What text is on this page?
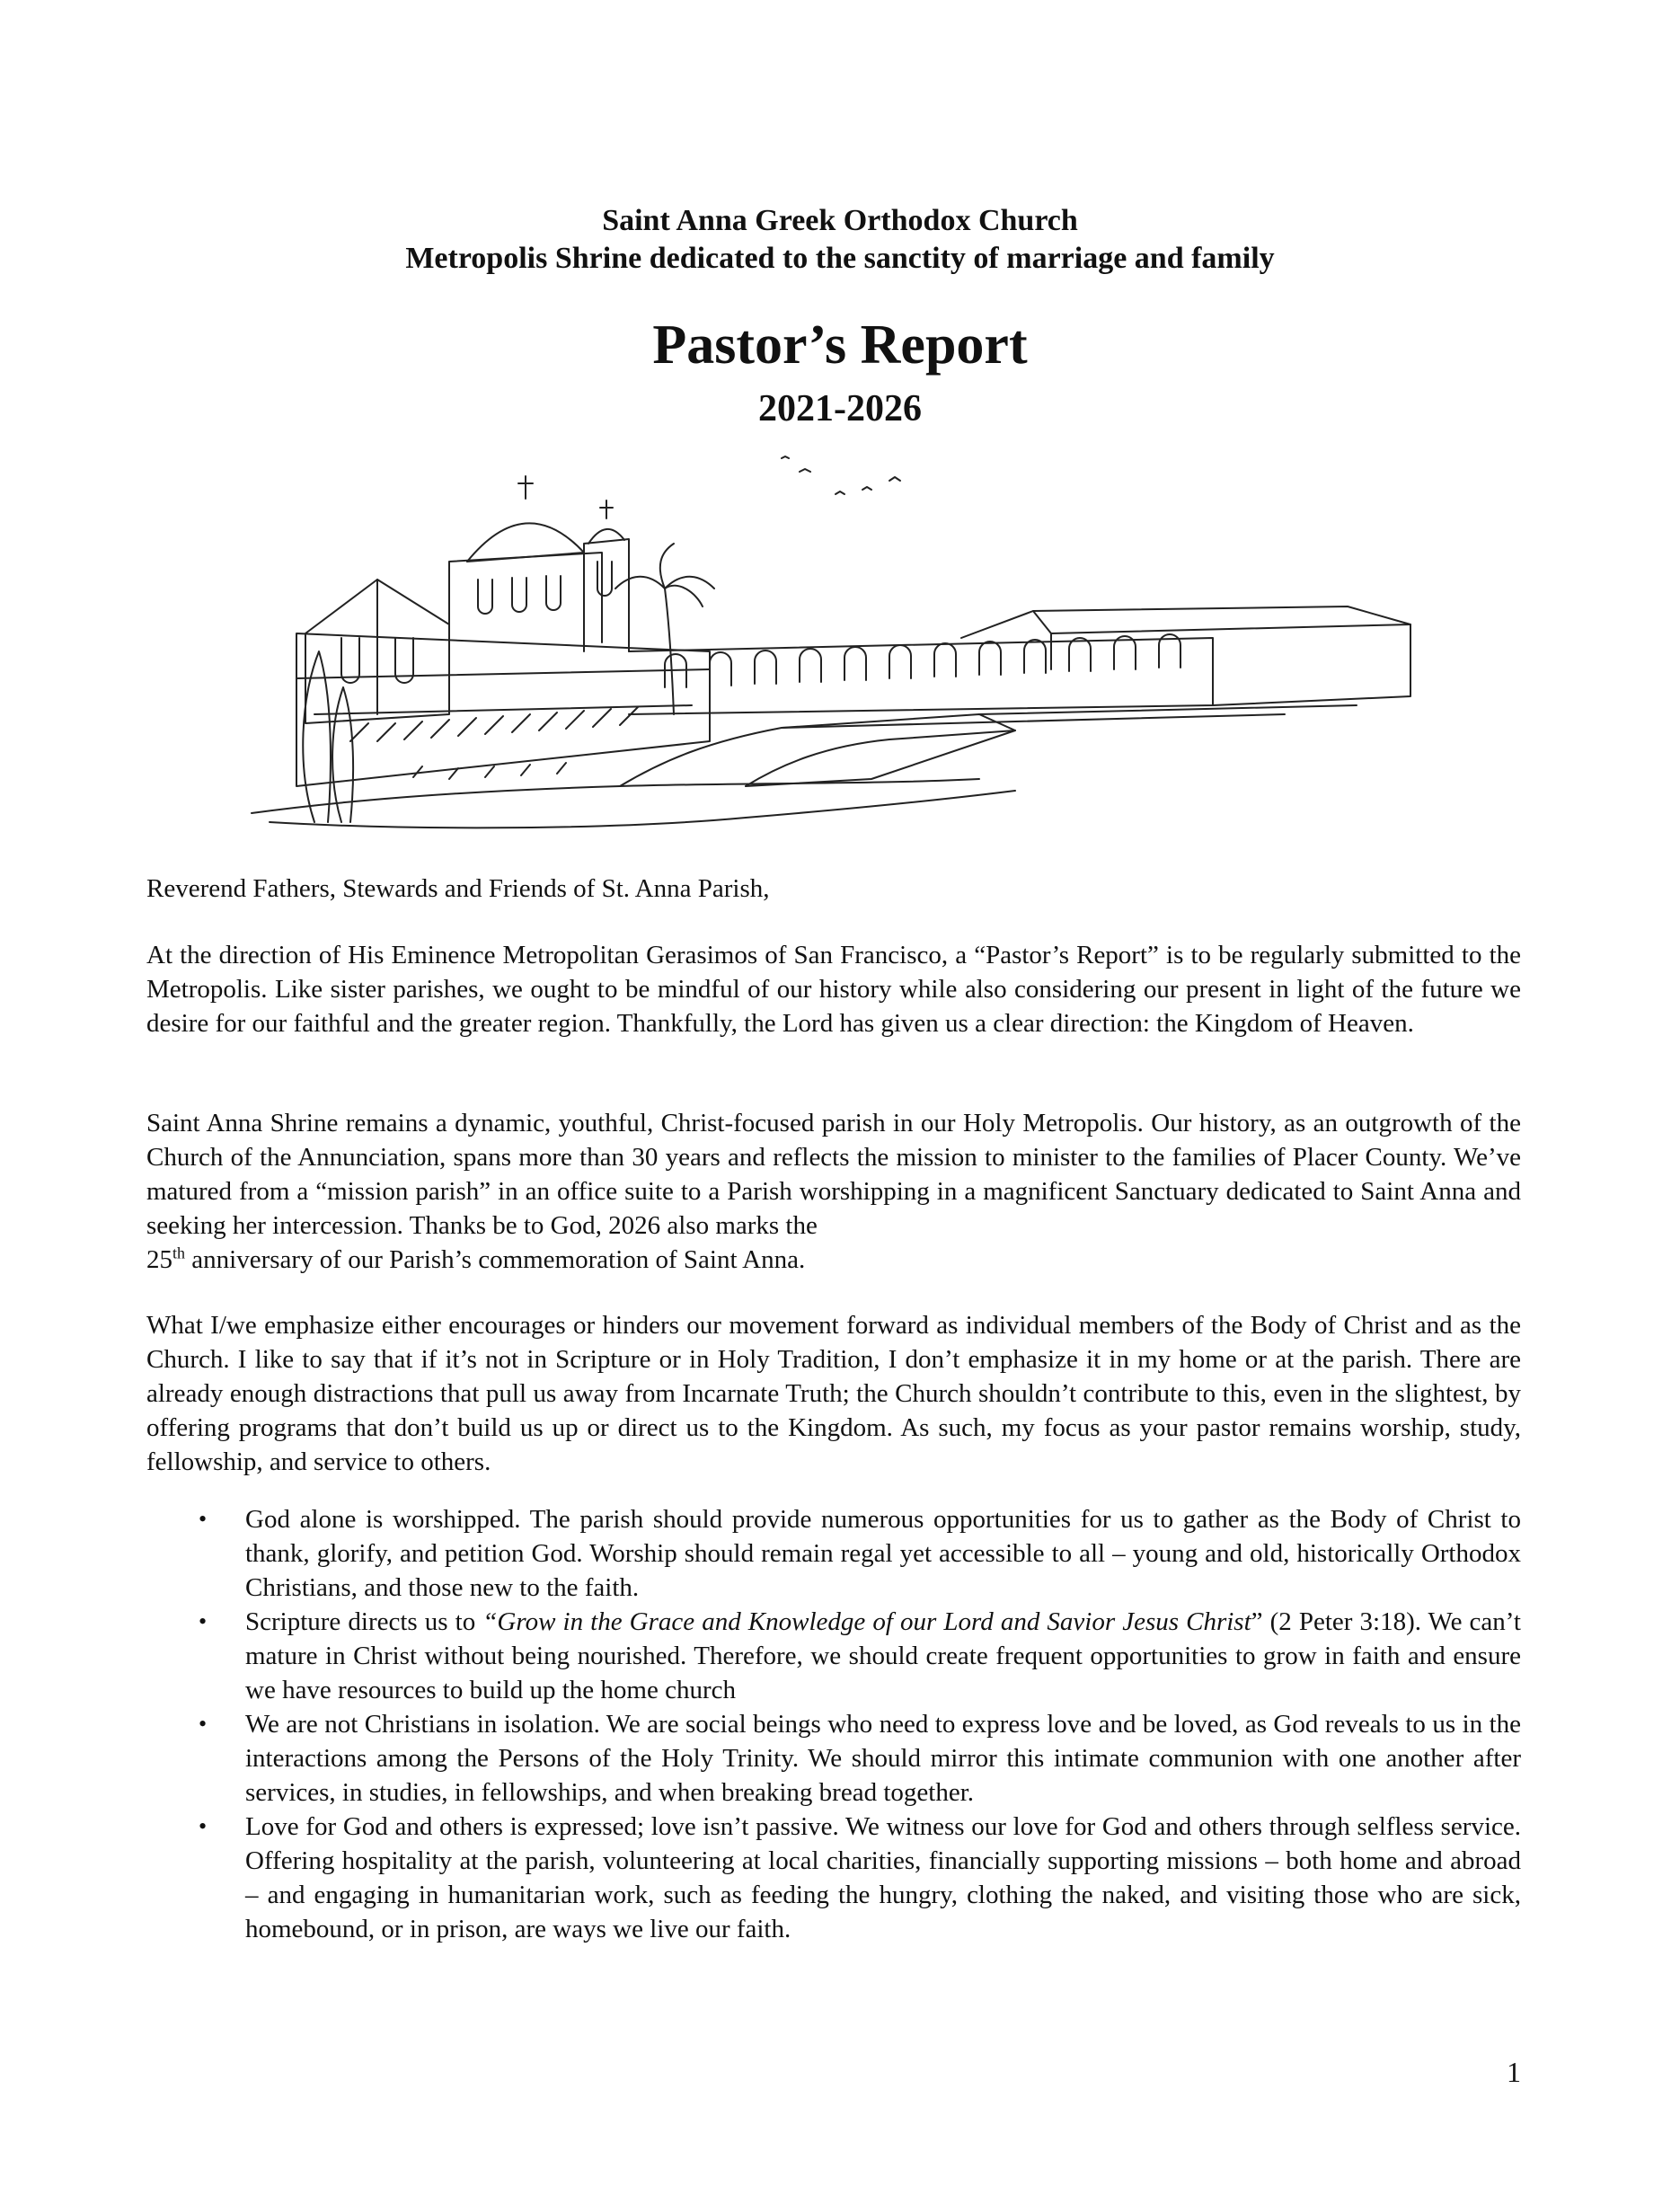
Saint Anna Greek Orthodox Church
Metropolis Shrine dedicated to the sanctity of marriage and family
Pastor’s Report
2021-2026
Reverend Fathers, Stewards and Friends of St. Anna Parish,

At the direction of His Eminence Metropolitan Gerasimos of San Francisco, a “Pastor’s Report” is to be regularly submitted to the Metropolis. Like sister parishes, we ought to be mindful of our history while also considering our present in light of the future we desire for our faithful and the greater region. Thankfully, the Lord has given us a clear direction: the Kingdom of Heaven.

Saint Anna Shrine remains a dynamic, youthful, Christ-focused parish in our Holy Metropolis. Our history, as an outgrowth of the Church of the Annunciation, spans more than 30 years and reflects the mission to minister to the families of Placer County. We’ve matured from a “mission parish” in an office suite to a Parish worshipping in a magnificent Sanctuary dedicated to Saint Anna and seeking her intercession. Thanks be to God, 2026 also marks the
25th anniversary of our Parish’s commemoration of Saint Anna.

What I/we emphasize either encourages or hinders our movement forward as individual members of the Body of Christ and as the Church. I like to say that if it’s not in Scripture or in Holy Tradition, I don’t emphasize it in my home or at the parish. There are already enough distractions that pull us away from Incarnate Truth; the Church shouldn’t contribute to this, even in the slightest, by offering programs that don’t build us up or direct us to the Kingdom. As such, my focus as your pastor remains worship, study, fellowship, and service to others.

• God alone is worshipped. The parish should provide numerous opportunities for us to gather as the Body of Christ to thank, glorify, and petition God. Worship should remain regal yet accessible to all – young and old, historically Orthodox Christians, and those new to the faith.
• Scripture directs us to “Grow in the Grace and Knowledge of our Lord and Savior Jesus Christ” (2 Peter 3:18). We can’t mature in Christ without being nourished. Therefore, we should create frequent opportunities to grow in faith and ensure we have resources to build up the home church
• We are not Christians in isolation. We are social beings who need to express love and be loved, as God reveals to us in the interactions among the Persons of the Holy Trinity. We should mirror this intimate communion with one another after services, in studies, in fellowships, and when breaking bread together.
• Love for God and others is expressed; love isn’t passive. We witness our love for God and others through selfless service. Offering hospitality at the parish, volunteering at local charities, financially supporting missions – both home and abroad – and engaging in humanitarian work, such as feeding the hungry, clothing the naked, and visiting those who are sick, homebound, or in prison, are ways we live our faith.
1
